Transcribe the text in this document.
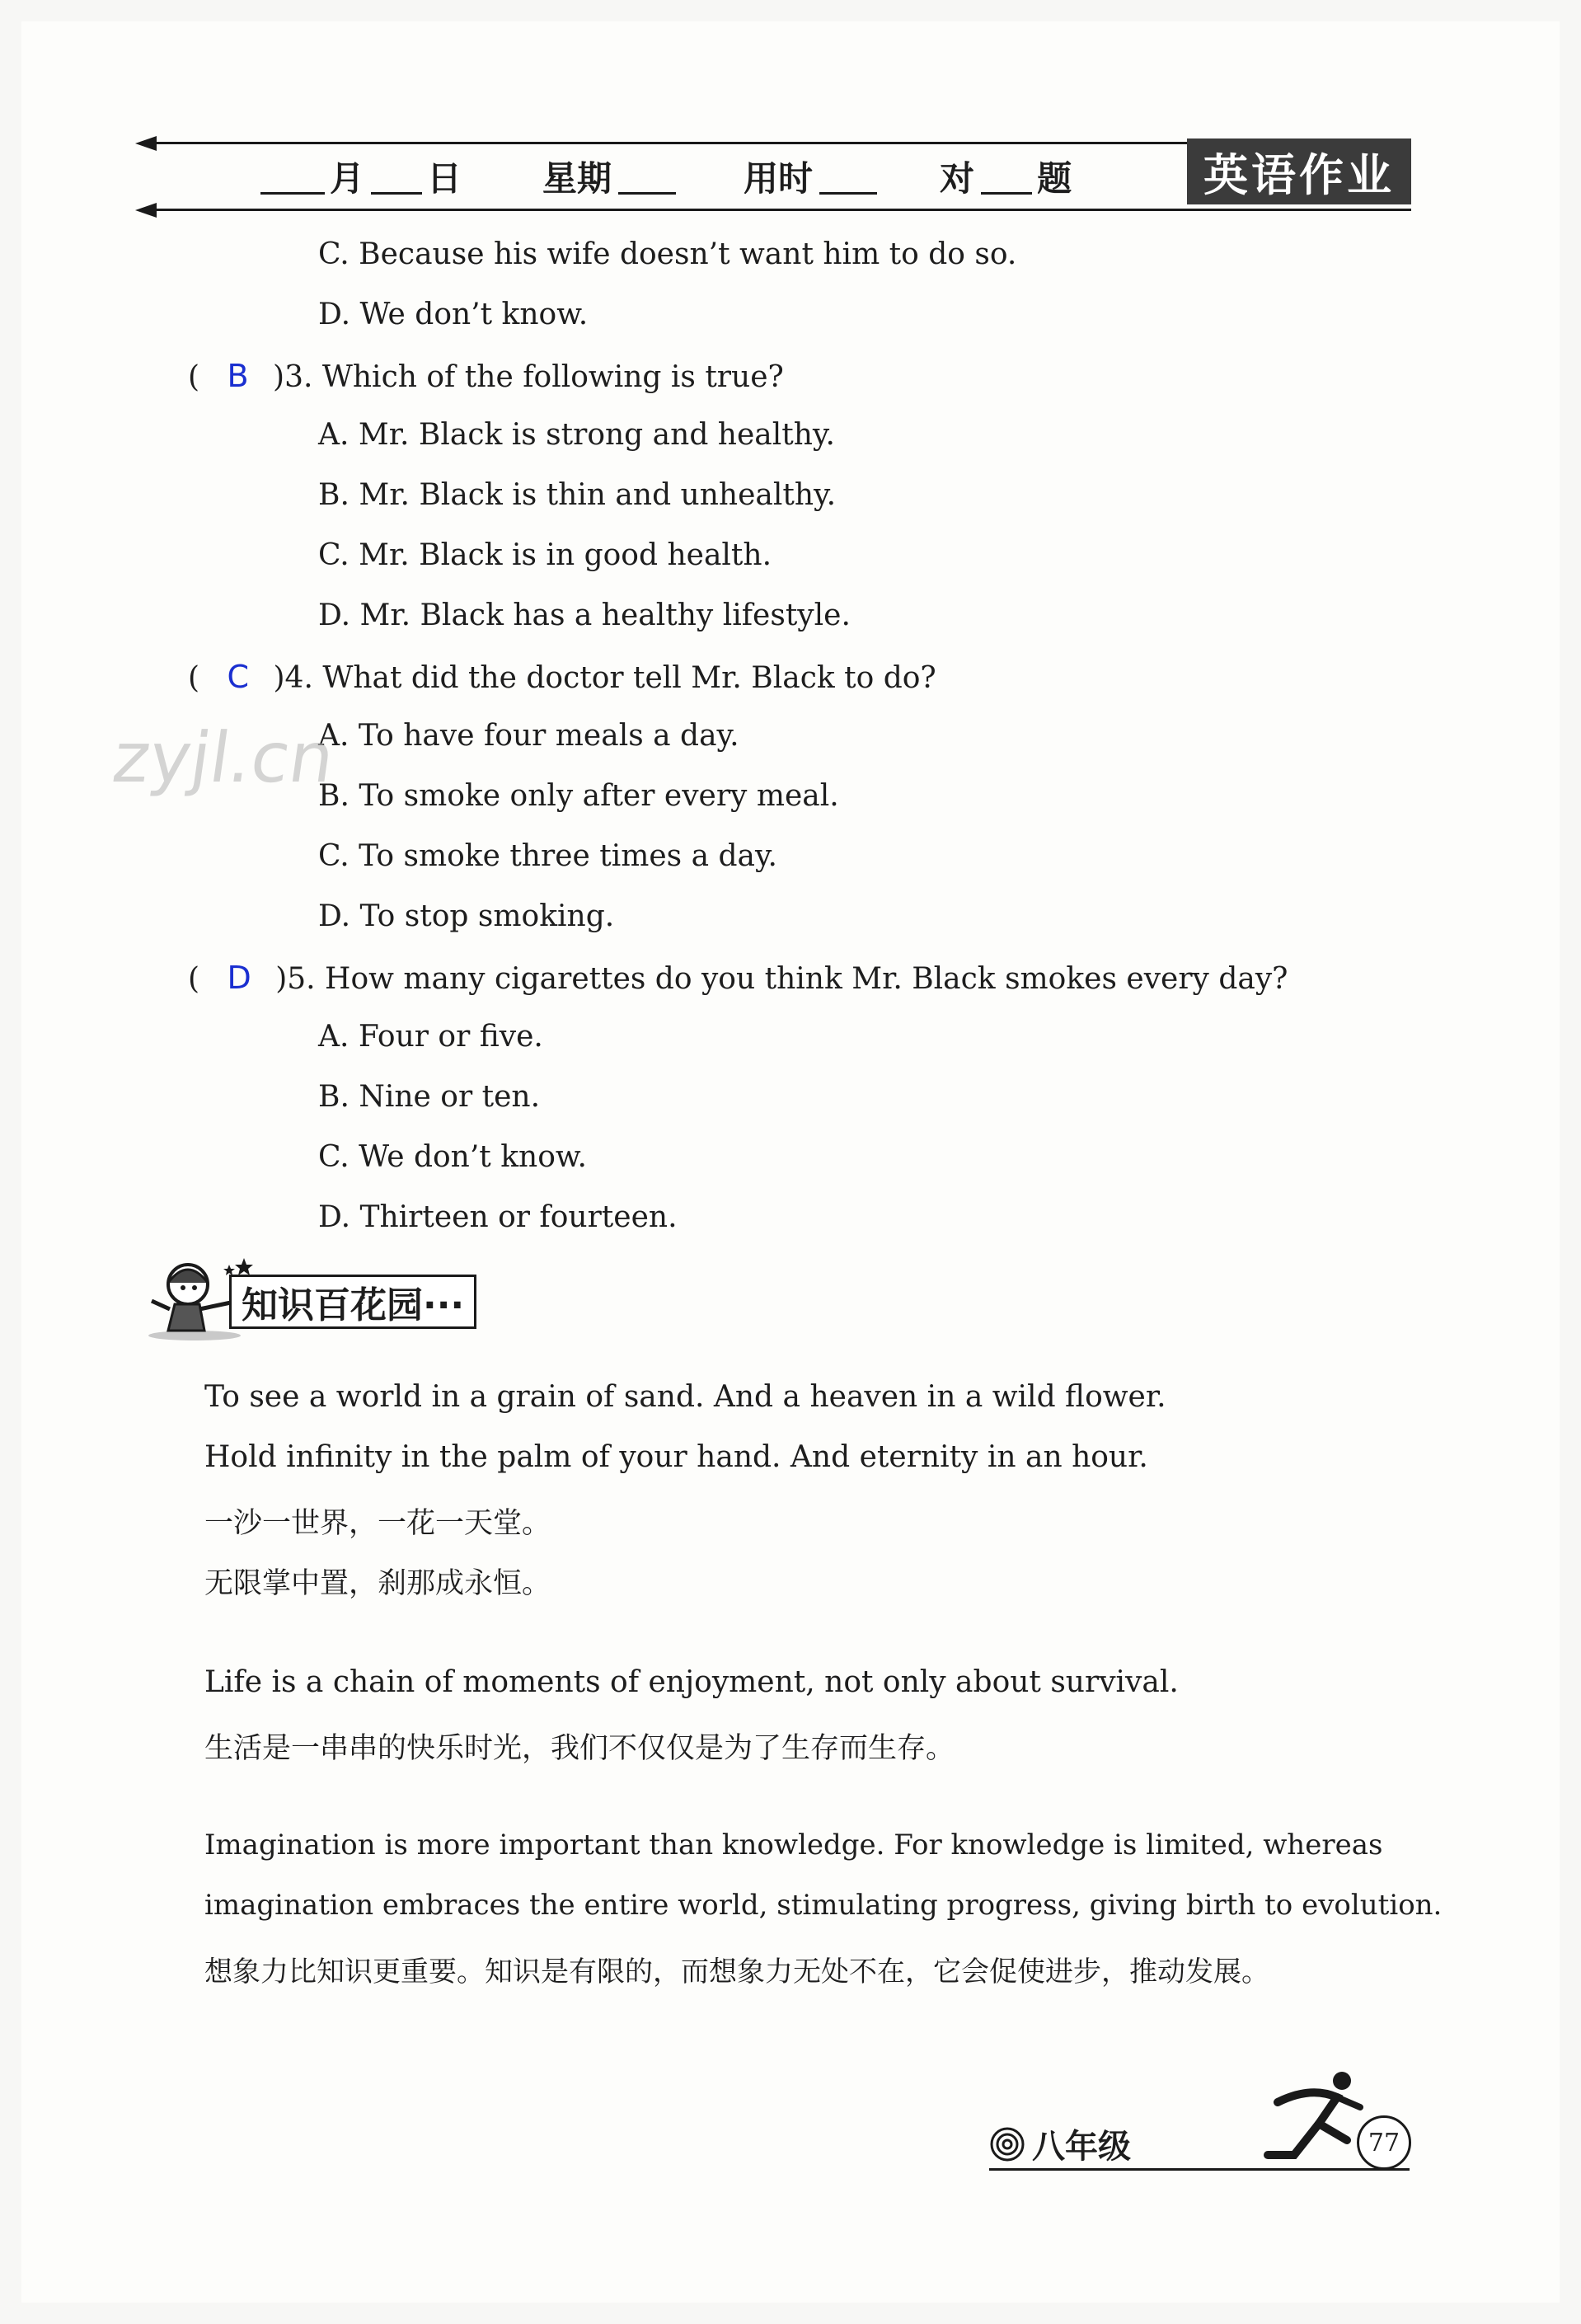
月 日 星期	用时	对 题	英语作业
C. Because his wife doesn’t want him to do so.
D. We don’t know.
( B )3. Which of the following is true?
A. Mr. Black is strong and healthy.
B. Mr. Black is thin and unhealthy.
C. Mr. Black is in good health.
D. Mr. Black has a healthy lifestyle.
( C )4. What did the doctor tell Mr. Black to do?
A. To have four meals a day.
B. To smoke only after every meal.
C. To smoke three times a day.
D. To stop smoking.
( D )5. How many cigarettes do you think Mr. Black smokes every day?
A. Four or five.
B. Nine or ten.
C. We don’t know.
D. Thirteen or fourteen.
zyjl.cn
知识百花园···
To see a world in a grain of sand. And a heaven in a wild flower.
Hold infinity in the palm of your hand. And eternity in an hour.
一沙一世界，一花一天堂。
无限掌中置，刹那成永恒。
Life is a chain of moments of enjoyment, not only about survival.
生活是一串串的快乐时光，我们不仅仅是为了生存而生存。
Imagination is more important than knowledge. For knowledge is limited, whereas
imagination embraces the entire world, stimulating progress, giving birth to evolution.
想象力比知识更重要。知识是有限的，而想象力无处不在，它会促使进步，推动发展。
八年级	77
